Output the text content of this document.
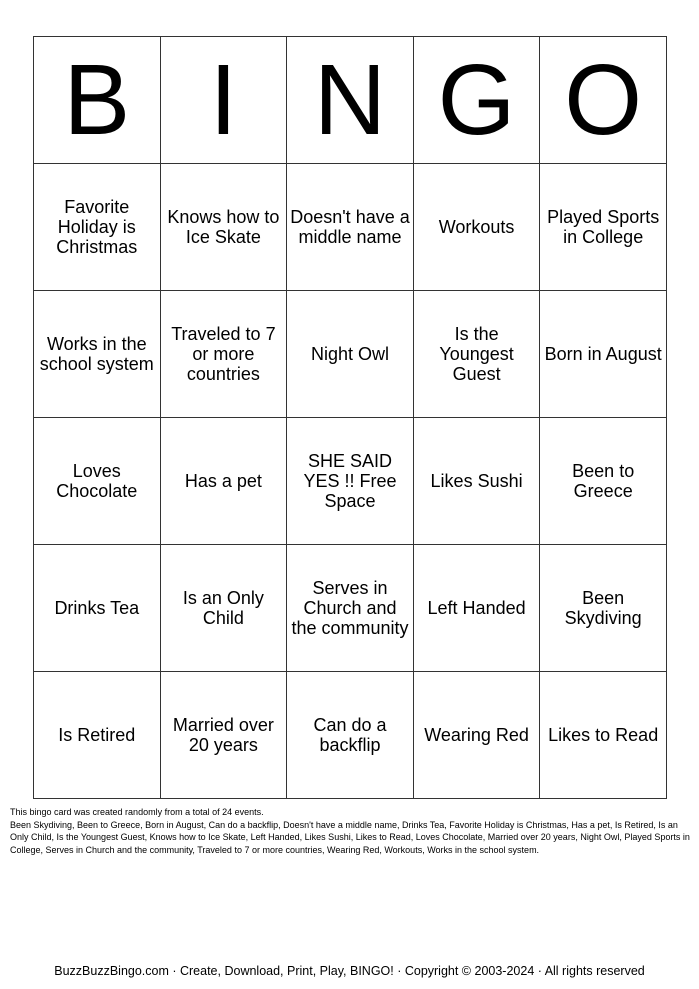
B	I	N	G	O
Favorite Holiday is Christmas	Knows how to Ice Skate	Doesn't have a middle name	Workouts	Played Sports in College
Works in the school system	Traveled to 7 or more countries	Night Owl	Is the Youngest Guest	Born in August
Loves Chocolate	Has a pet	SHE SAID YES !! Free Space	Likes Sushi	Been to Greece
Drinks Tea	Is an Only Child	Serves in Church and the community	Left Handed	Been Skydiving
Is Retired	Married over 20 years	Can do a backflip	Wearing Red	Likes to Read

This bingo card was created randomly from a total of 24 events.

Been Skydiving, Been to Greece, Born in August, Can do a backflip, Doesn't have a middle name, Drinks Tea, Favorite Holiday is Christmas, Has a pet, Is Retired, Is an Only Child, Is the Youngest Guest, Knows how to Ice Skate, Left Handed, Likes Sushi, Likes to Read, Loves Chocolate, Married over 20 years, Night Owl, Played Sports in College, Serves in Church and the community, Traveled to 7 or more countries, Wearing Red, Workouts, Works in the school system.

BuzzBuzzBingo.com · Create, Download, Print, Play, BINGO! · Copyright © 2003-2024 · All rights reserved
